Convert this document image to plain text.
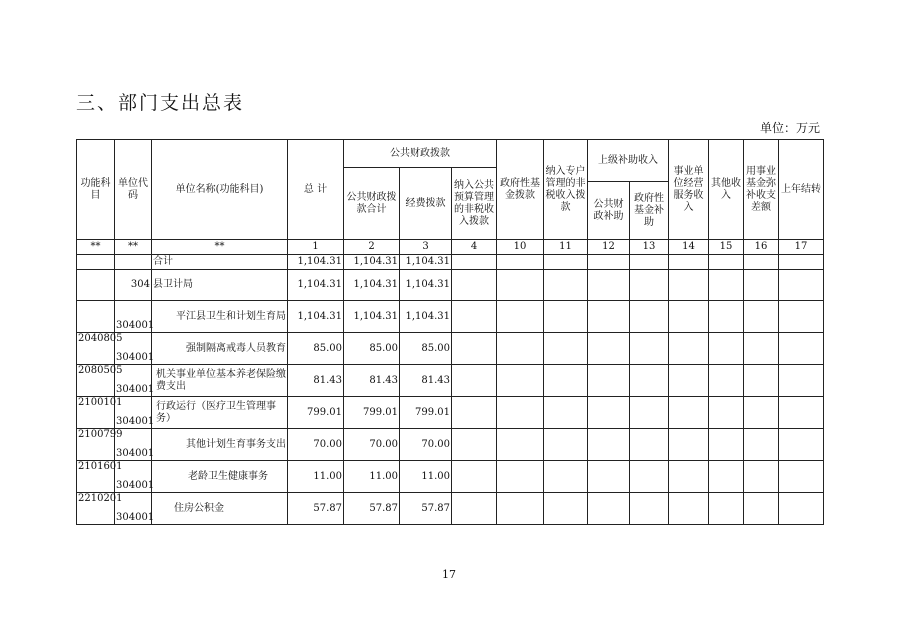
三、部门支出总表
单位：万元
功能科目	单位代码	单位名称(功能科目)	总 计	公共财政拨款			政府性基金拨款	纳入专户管理的非税收入拨款	上级补助收入		事业单位经营服务收入	其他收入	用事业基金弥补收支差额	上年结转
				公共财政拨款合计	经费拨款	纳入公共预算管理的非税收入拨款								
									公共财政补助	政府性基金补助				
**	**	**	1	2	3	4	10	11	12	13	14	15	16	17
		合计	1,104.31	1,104.31	1,104.31									
	304	县卫计局	1,104.31	1,104.31	1,104.31									
	304001	平江县卫生和计划生育局	1,104.31	1,104.31	1,104.31									
2040805	304001	强制隔离戒毒人员教育	85.00	85.00	85.00									
2080505	304001	机关事业单位基本养老保险缴费支出	81.43	81.43	81.43									
2100101	304001	行政运行（医疗卫生管理事务）	799.01	799.01	799.01									
2100799	304001	其他计划生育事务支出	70.00	70.00	70.00									
2101601	304001	老龄卫生健康事务	11.00	11.00	11.00									
2210201	304001	住房公积金	57.87	57.87	57.87									
17
